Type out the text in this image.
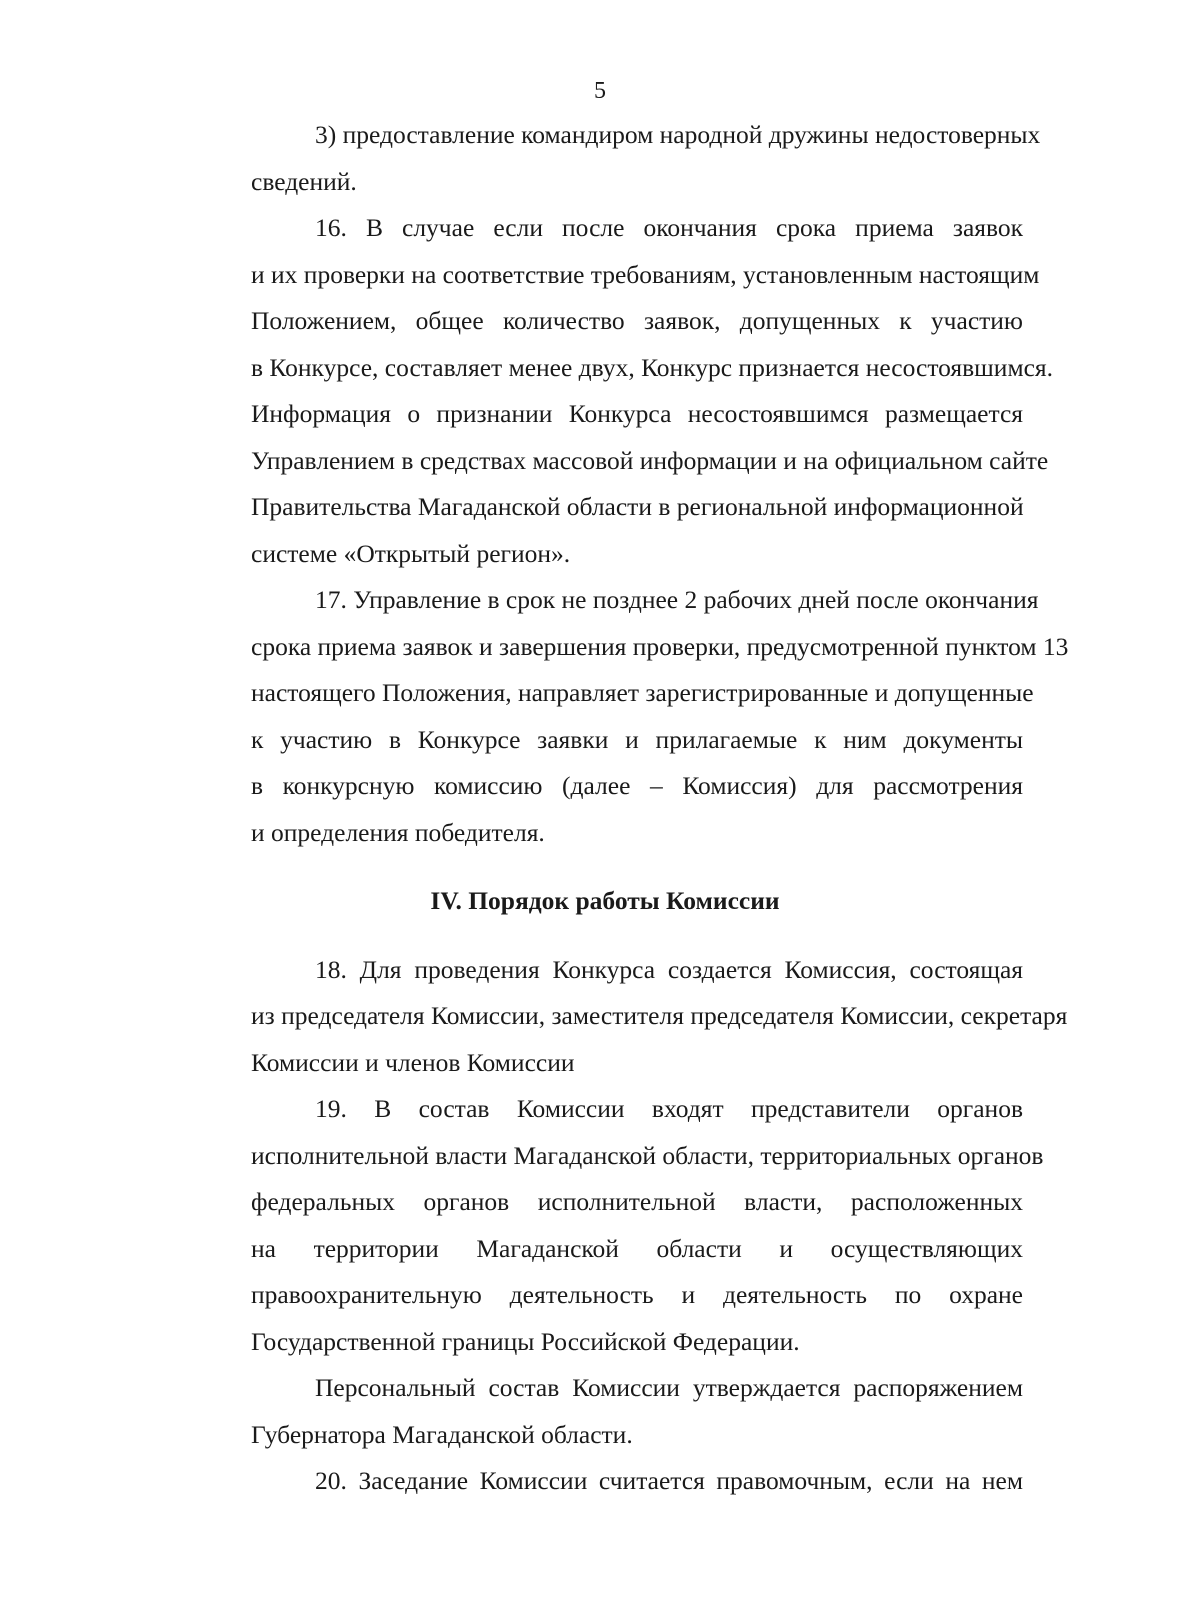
5
3) предоставление командиром народной дружины недостоверных
сведений.
16. В случае если после окончания срока приема заявок
и их проверки на соответствие требованиям, установленным настоящим
Положением, общее количество заявок, допущенных к участию
в Конкурсе, составляет менее двух, Конкурс признается несостоявшимся.
Информация о признании Конкурса несостоявшимся размещается
Управлением в средствах массовой информации и на официальном сайте
Правительства Магаданской области в региональной информационной
системе «Открытый регион».
17. Управление в срок не позднее 2 рабочих дней после окончания
срока приема заявок и завершения проверки, предусмотренной пунктом 13
настоящего Положения, направляет зарегистрированные и допущенные
к участию в Конкурсе заявки и прилагаемые к ним документы
в конкурсную комиссию (далее – Комиссия) для рассмотрения
и определения победителя.
IV. Порядок работы Комиссии
18. Для проведения Конкурса создается Комиссия, состоящая
из председателя Комиссии, заместителя председателя Комиссии, секретаря
Комиссии и членов Комиссии
19. В состав Комиссии входят представители органов
исполнительной власти Магаданской области, территориальных органов
федеральных органов исполнительной власти, расположенных
на территории Магаданской области и осуществляющих
правоохранительную деятельность и деятельность по охране
Государственной границы Российской Федерации.
Персональный состав Комиссии утверждается распоряжением
Губернатора Магаданской области.
20. Заседание Комиссии считается правомочным, если на нем
